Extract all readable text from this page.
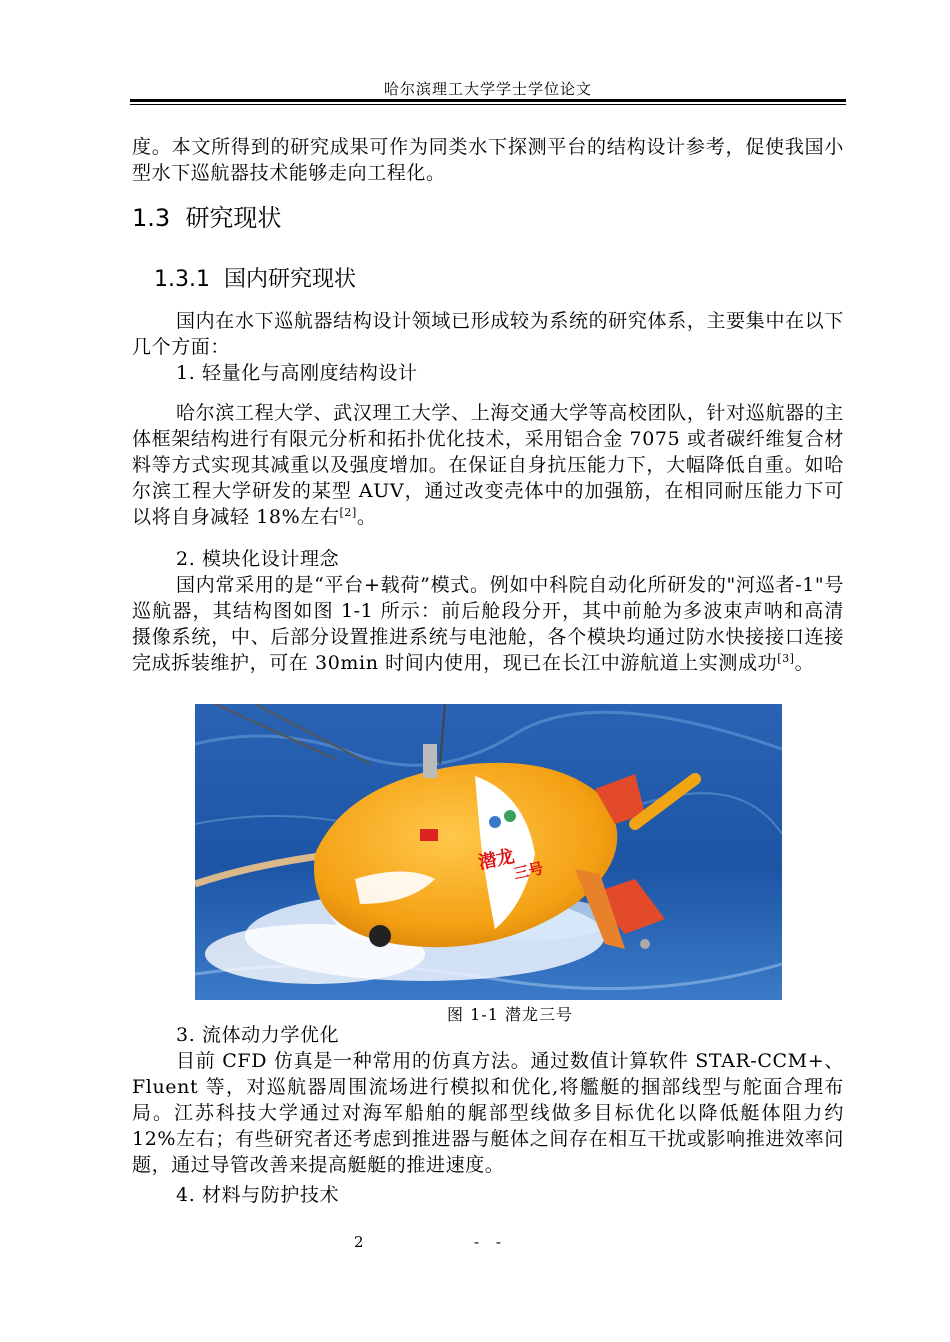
哈尔滨理工大学学士学位论文
度。本文所得到的研究成果可作为同类水下探测平台的结构设计参考，促使我国小型水下巡航器技术能够走向工程化。
1.3 研究现状
1.3.1 国内研究现状
国内在水下巡航器结构设计领域已形成较为系统的研究体系，主要集中在以下几个方面：
1. 轻量化与高刚度结构设计
哈尔滨工程大学、武汉理工大学、上海交通大学等高校团队，针对巡航器的主体框架结构进行有限元分析和拓扑优化技术，采用铝合金 7075 或者碳纤维复合材料等方式实现其减重以及强度增加。在保证自身抗压能力下，大幅降低自重。如哈尔滨工程大学研发的某型 AUV，通过改变壳体中的加强筋，在相同耐压能力下可以将自身减轻 18%左右[2]。
2. 模块化设计理念
国内常采用的是“平台+载荷”模式。例如中科院自动化所研发的"河巡者-1"号巡航器，其结构图如图 1-1 所示：前后舱段分开，其中前舱为多波束声呐和高清摄像系统，中、后部分设置推进系统与电池舱，各个模块均通过防水快接接口连接完成拆装维护，可在 30min 时间内使用，现已在长江中游航道上实测成功[3]。
潜龙
三号
图 1-1 潜龙三号
3. 流体动力学优化
目前 CFD 仿真是一种常用的仿真方法。通过数值计算软件 STAR-CCM+、Fluent 等，对巡航器周围流场进行模拟和优化,将艦艇的掴部线型与舵面合理布局。江苏科技大学通过对海军船舶的艉部型线做多目标优化以降低艇体阻力约 12%左右；有些研究者还考虑到推进器与艇体之间存在相互干扰或影响推进效率问题，通过导管改善来提高艇艇的推进速度。
4. 材料与防护技术
2	- -
